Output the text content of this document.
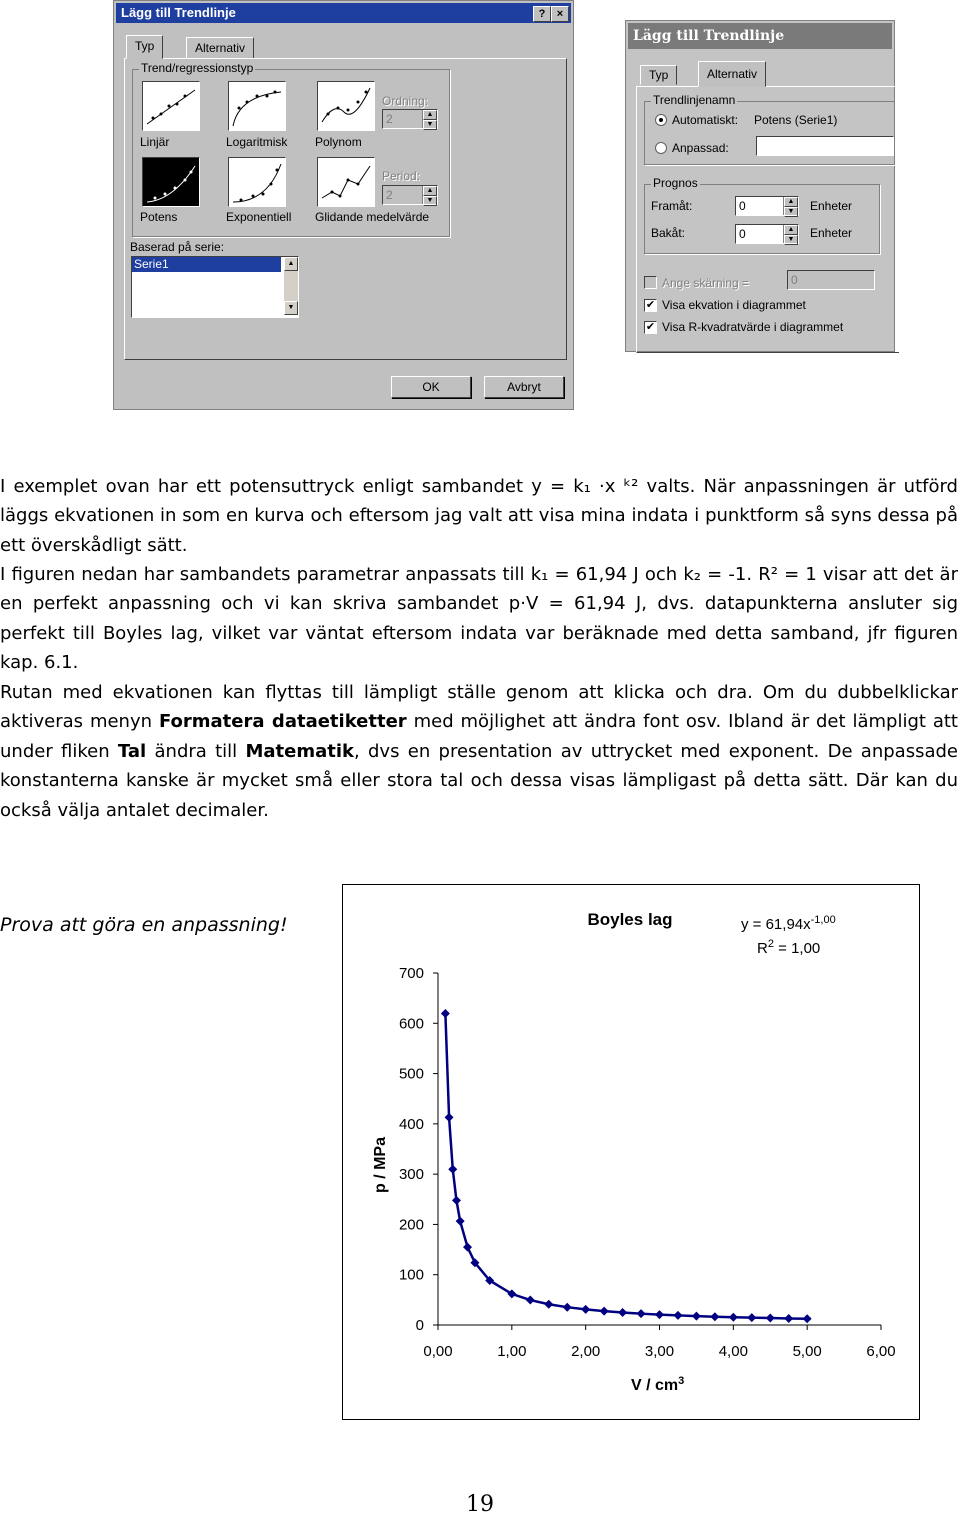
Lägg till Trendlinje	?	×
Typ	Alternativ
Trend/regressionstyp
Linjär	Logaritmisk Polynom
Ordning:
2	▲
▼
Potens	Exponentiell Glidande medelvärde
Period:
2	▲
▼
Baserad på serie:
Serie1	▲
▼
OK	Avbryt
Lägg till Trendlinje
Typ	Alternativ
Trendlinjenamn
Automatiskt: Potens (Serie1)
Anpassad:
Prognos
Framåt:	0	▲
▼ Enheter
Bakåt:	0	▲
▼ Enheter
Ange skärning =	0
✔ Visa ekvation i diagrammet
✔ Visa R-kvadratvärde i diagrammet
I exemplet ovan har ett potensuttryck enligt sambandet y = k₁ ·x ᵏ² valts. När anpassningen är utförd läggs ekvationen in som en kurva och eftersom jag valt att visa mina indata i punktform så syns dessa på ett överskådligt sätt.
I figuren nedan har sambandets parametrar anpassats till k₁ = 61,94 J och k₂ = -1. R² = 1 visar att det är en perfekt anpassning och vi kan skriva sambandet p·V = 61,94 J, dvs. datapunkterna ansluter sig perfekt till Boyles lag, vilket var väntat eftersom indata var beräknade med detta samband, jfr figuren kap. 6.1.
Rutan med ekvationen kan flyttas till lämpligt ställe genom att klicka och dra. Om du dubbelklickar aktiveras menyn Formatera dataetiketter med möjlighet att ändra font osv. Ibland är det lämpligt att under fliken Tal ändra till Matematik, dvs en presentation av uttrycket med exponent. De anpassade konstanterna kanske är mycket små eller stora tal och dessa visas lämpligast på detta sätt. Där kan du också välja antalet decimaler.
Prova att göra en anpassning!	Boyles lag	$y = 61,94x^{-1,00}$
$R^2 = 1,00$
p / MPa
V / $cm^3$
0,00	1,00	2,00	3,00	4,00	5,00	6,00
0
100
200
300
400
500
600
700
19
